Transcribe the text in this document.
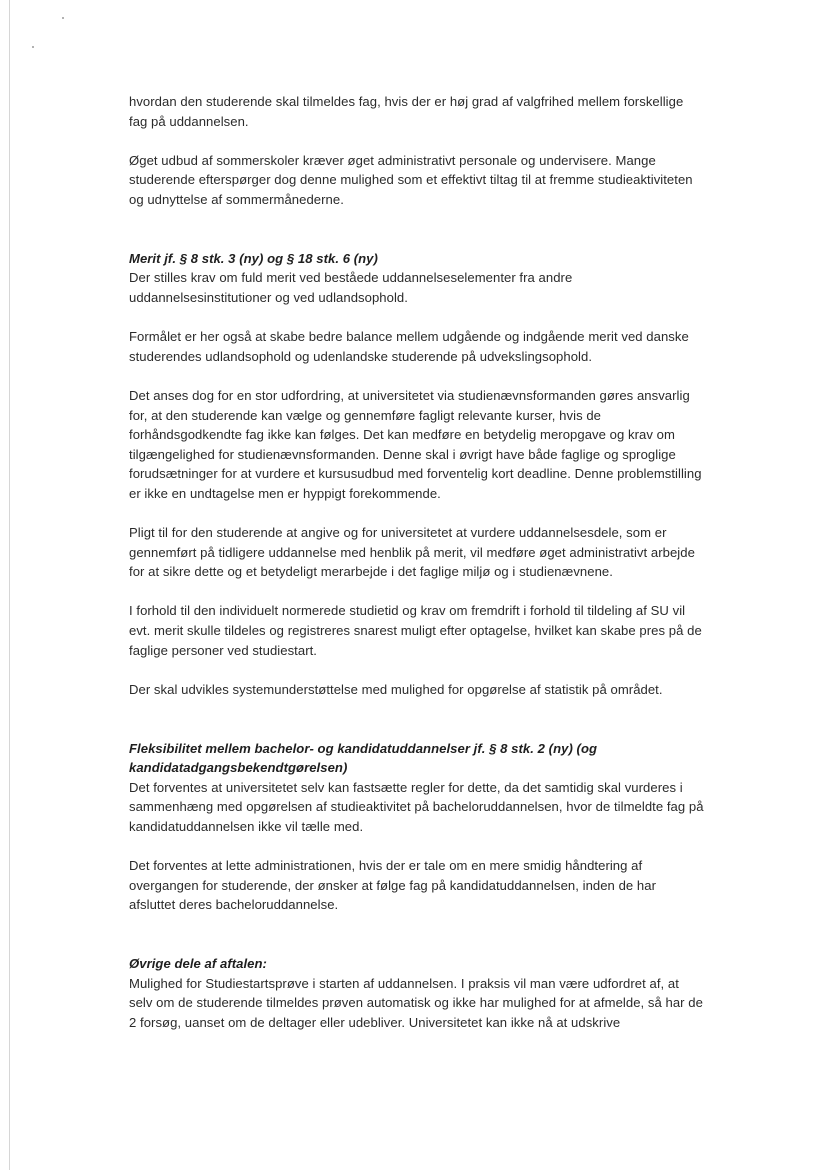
hvordan den studerende skal tilmeldes fag, hvis der er høj grad af valgfrihed mellem forskellige fag på uddannelsen.

Øget udbud af sommerskoler kræver øget administrativt personale og undervisere. Mange studerende efterspørger dog denne mulighed som et effektivt tiltag til at fremme studieaktiviteten og udnyttelse af sommermånederne.

Merit jf. § 8 stk. 3 (ny) og § 18 stk. 6 (ny)

Der stilles krav om fuld merit ved beståede uddannelseselementer fra andre uddannelsesinstitutioner og ved udlandsophold.

Formålet er her også at skabe bedre balance mellem udgående og indgående merit ved danske studerendes udlandsophold og udenlandske studerende på udvekslingsophold.

Det anses dog for en stor udfordring, at universitetet via studienævnsformanden gøres ansvarlig for, at den studerende kan vælge og gennemføre fagligt relevante kurser, hvis de forhåndsgodkendte fag ikke kan følges. Det kan medføre en betydelig meropgave og krav om tilgængelighed for studienævnsformanden. Denne skal i øvrigt have både faglige og sproglige forudsætninger for at vurdere et kursusudbud med forventelig kort deadline. Denne problemstilling er ikke en undtagelse men er hyppigt forekommende.

Pligt til for den studerende at angive og for universitetet at vurdere uddannelsesdele, som er gennemført på tidligere uddannelse med henblik på merit, vil medføre øget administrativt arbejde for at sikre dette og et betydeligt merarbejde i det faglige miljø og i studienævnene.

I forhold til den individuelt normerede studietid og krav om fremdrift i forhold til tildeling af SU vil evt. merit skulle tildeles og registreres snarest muligt efter optagelse, hvilket kan skabe pres på de faglige personer ved studiestart.

Der skal udvikles systemunderstøttelse med mulighed for opgørelse af statistik på området.

Fleksibilitet mellem bachelor- og kandidatuddannelser jf. § 8 stk. 2 (ny) (og kandidatadgangsbekendtgørelsen)

Det forventes at universitetet selv kan fastsætte regler for dette, da det samtidig skal vurderes i sammenhæng med opgørelsen af studieaktivitet på bacheloruddannelsen, hvor de tilmeldte fag på kandidatuddannelsen ikke vil tælle med.

Det forventes at lette administrationen, hvis der er tale om en mere smidig håndtering af overgangen for studerende, der ønsker at følge fag på kandidatuddannelsen, inden de har afsluttet deres bacheloruddannelse.

Øvrige dele af aftalen:

Mulighed for Studiestartsprøve i starten af uddannelsen. I praksis vil man være udfordret af, at selv om de studerende tilmeldes prøven automatisk og ikke har mulighed for at afmelde, så har de 2 forsøg, uanset om de deltager eller udebliver. Universitetet kan ikke nå at udskrive
